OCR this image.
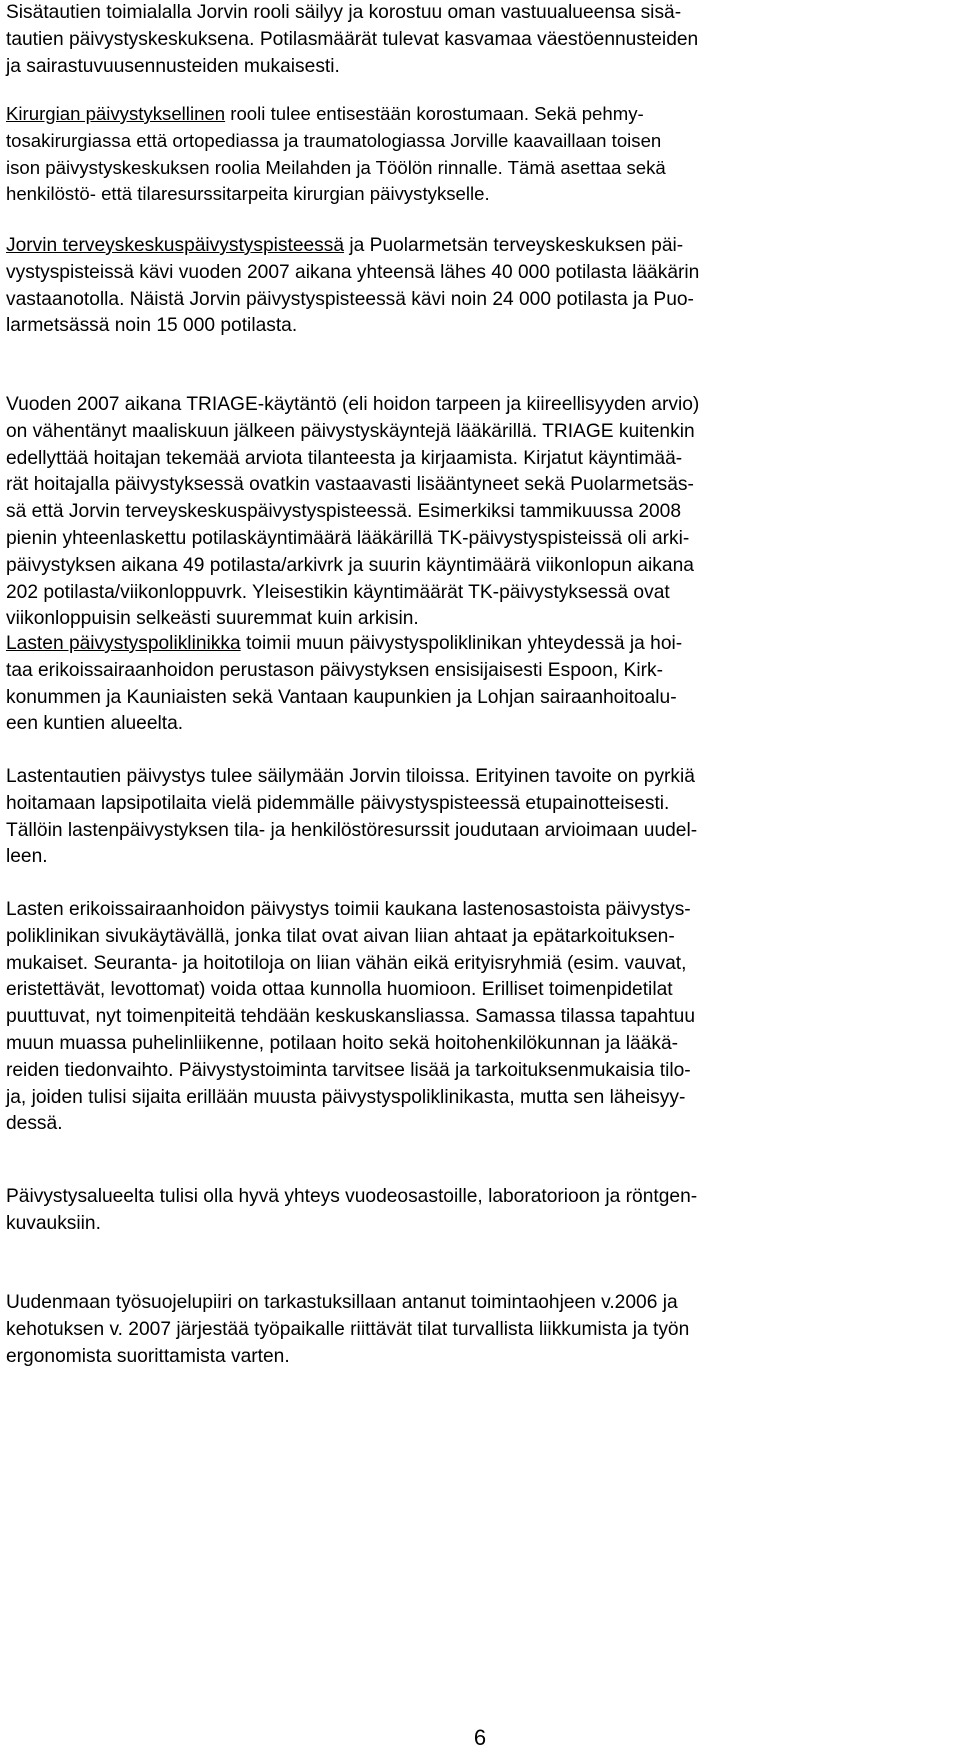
Sisätautien toimialalla Jorvin rooli säilyy ja korostuu oman vastuualueensa sisä-
tautien päivystyskeskuksena. Potilasmäärät tulevat kasvamaa väestöennusteiden
ja sairastuvuusennusteiden mukaisesti.

Kirurgian päivystyksellinen rooli tulee entisestään korostumaan. Sekä pehmy-
tosakirurgiassa että ortopediassa ja traumatologiassa Jorville kaavaillaan toisen
ison päivystyskeskuksen roolia Meilahden ja Töölön rinnalle. Tämä asettaa sekä
henkilöstö- että tilaresurssitarpeita kirurgian päivystykselle.

Jorvin terveyskeskuspäivystyspisteessä ja Puolarmetsän terveyskeskuksen päi-
vystyspisteissä kävi vuoden 2007 aikana yhteensä lähes 40 000 potilasta lääkärin
vastaanotolla. Näistä Jorvin päivystyspisteessä kävi noin 24 000 potilasta ja Puo-
larmetsässä noin 15 000 potilasta.

Vuoden 2007 aikana TRIAGE-käytäntö (eli hoidon tarpeen ja kiireellisyyden arvio)
on vähentänyt maaliskuun jälkeen päivystyskäyntejä lääkärillä. TRIAGE kuitenkin
edellyttää hoitajan tekemää arviota tilanteesta ja kirjaamista. Kirjatut käyntimää-
rät hoitajalla päivystyksessä ovatkin vastaavasti lisääntyneet sekä Puolarmetsäs-
sä että Jorvin terveyskeskuspäivystyspisteessä. Esimerkiksi tammikuussa 2008
pienin yhteenlaskettu potilaskäyntimäärä lääkärillä TK-päivystyspisteissä oli arki-
päivystyksen aikana 49 potilasta/arkivrk ja suurin käyntimäärä viikonlopun aikana
202 potilasta/viikonloppuvrk. Yleisestikin käyntimäärät TK-päivystyksessä ovat
viikonloppuisin selkeästi suuremmat kuin arkisin.

Lasten päivystyspoliklinikka toimii muun päivystyspoliklinikan yhteydessä ja hoi-
taa erikoissairaanhoidon perustason päivystyksen ensisijaisesti Espoon, Kirk-
konummen ja Kauniaisten sekä Vantaan kaupunkien ja Lohjan sairaanhoitoalu-
een kuntien alueelta.

Lastentautien päivystys tulee säilymään Jorvin tiloissa. Erityinen tavoite on pyrkiä
hoitamaan lapsipotilaita vielä pidemmälle päivystyspisteessä etupainotteisesti.
Tällöin lastenpäivystyksen tila- ja henkilöstöresurssit joudutaan arvioimaan uudel-
leen.

Lasten erikoissairaanhoidon päivystys toimii kaukana lastenosastoista päivystys-
poliklinikan sivukäytävällä, jonka tilat ovat aivan liian ahtaat ja epätarkoituksen-
mukaiset. Seuranta- ja hoitotiloja on liian vähän eikä erityisryhmiä (esim. vauvat,
eristettävät, levottomat) voida ottaa kunnolla huomioon. Erilliset toimenpidetilat
puuttuvat, nyt toimenpiteitä tehdään keskuskansliassa. Samassa tilassa tapahtuu
muun muassa puhelinliikenne, potilaan hoito sekä hoitohenkilökunnan ja lääkä-
reiden tiedonvaihto. Päivystystoiminta tarvitsee lisää ja tarkoituksenmukaisia tilo-
ja, joiden tulisi sijaita erillään muusta päivystyspoliklinikasta, mutta sen läheisyy-
dessä.

Päivystysalueelta tulisi olla hyvä yhteys vuodeosastoille, laboratorioon ja röntgen-
kuvauksiin.

Uudenmaan työsuojelupiiri on tarkastuksillaan antanut toimintaohjeen v.2006 ja
kehotuksen v. 2007 järjestää työpaikalle riittävät tilat turvallista liikkumista ja työn
ergonomista suorittamista varten.

6
